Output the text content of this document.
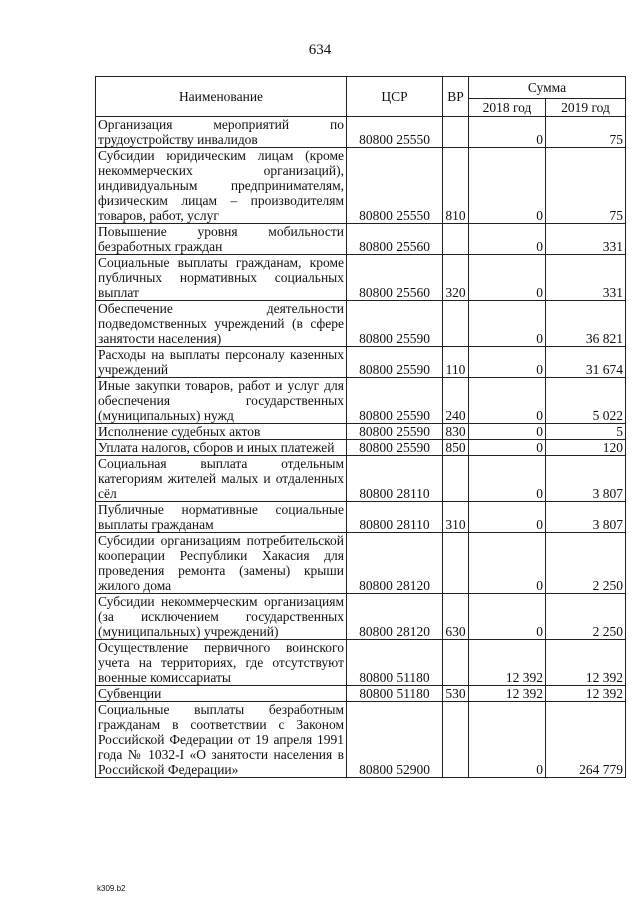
634
Наименование	ЦСР	ВР	Сумма	
			2018 год	2019 год
Организация мероприятий по трудоустройству инвалидов	80800 25550		0	75
Субсидии юридическим лицам (кроме некоммерческих организаций), индивидуальным предпринимателям, физическим лицам – производителям товаров, работ, услуг	80800 25550	810	0	75
Повышение уровня мобильности безработных граждан	80800 25560		0	331
Социальные выплаты гражданам, кроме публичных нормативных социальных выплат	80800 25560	320	0	331
Обеспечение деятельности подведомственных учреждений (в сфере занятости населения)	80800 25590		0	36 821
Расходы на выплаты персоналу казенных учреждений	80800 25590	110	0	31 674
Иные закупки товаров, работ и услуг для обеспечения государственных (муниципальных) нужд	80800 25590	240	0	5 022
Исполнение судебных актов	80800 25590	830	0	5
Уплата налогов, сборов и иных платежей	80800 25590	850	0	120
Социальная выплата отдельным категориям жителей малых и отдаленных сёл	80800 28110		0	3 807
Публичные нормативные социальные выплаты гражданам	80800 28110	310	0	3 807
Субсидии организациям потребительской кооперации Республики Хакасия для проведения ремонта (замены) крыши жилого дома	80800 28120		0	2 250
Субсидии некоммерческим организациям (за исключением государственных (муниципальных) учреждений)	80800 28120	630	0	2 250
Осуществление первичного воинского учета на территориях, где отсутствуют военные комиссариаты	80800 51180		12 392	12 392
Субвенции	80800 51180	530	12 392	12 392
Социальные выплаты безработным гражданам в соответствии с Законом Российской Федерации от 19 апреля 1991 года № 1032-I «О занятости населения в Российской Федерации»	80800 52900		0	264 779
k309.b2
